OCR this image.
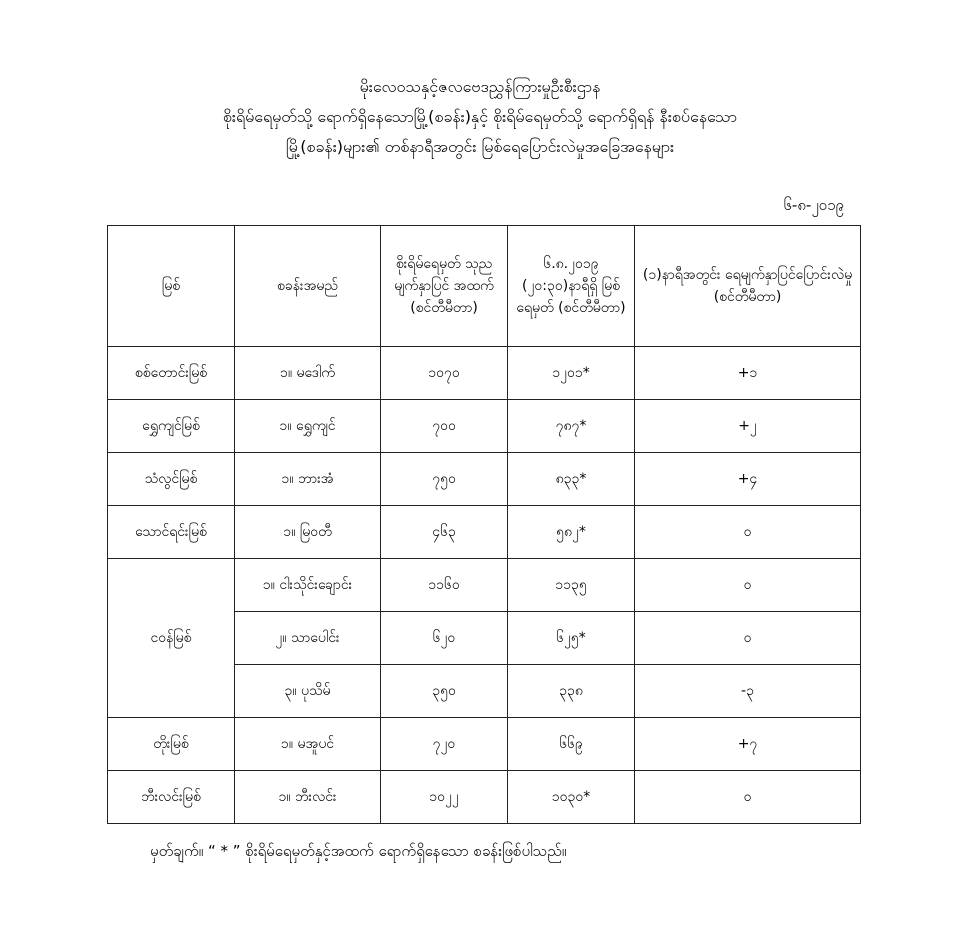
မိုးလေဝသနှင့်ဇလဗေဒညွှန်ကြားမှုဦးစီးဌာန
စိုးရိမ်ရေမှတ်သို့ ရောက်ရှိနေသောမြို့(စခန်း)နှင့် စိုးရိမ်ရေမှတ်သို့ ရောက်ရှိရန် နီးစပ်နေသော
မြို့(စခန်း)များ၏ တစ်နာရီအတွင်း မြစ်ရေပြောင်းလဲမှုအခြေအနေများ
၆-၈-၂၀၁၉
မြစ်	စခန်းအမည်	စိုးရိမ်ရေမှတ် သုညမျက်နှာပြင် အထက် (စင်တီမီတာ)	၆.၈.၂၀၁၉ (၂၀:၃၀)နာရီရှိ မြစ်ရေမှတ် (စင်တီမီတာ)	(၁)နာရီအတွင်း ရေမျက်နှာပြင်ပြောင်းလဲမှု (စင်တီမီတာ)
စစ်တောင်းမြစ်	၁။ မဒေါက်	၁၀၇၀	၁၂၀၁*	+၁
ရွှေကျင်မြစ်	၁။ ရွှေကျင်	၇၀၀	၇၈၇*	+၂
သံလွင်မြစ်	၁။ ဘားအံ	၇၅၀	၈၃၃*	+၄
သောင်ရင်းမြစ်	၁။ မြဝတီ	၄၆၃	၅၈၂*	၀
ငဝန်မြစ်	၁။ ငါးသိုင်းချောင်း	၁၁၆၀	၁၁၃၅	၀
	၂။ သာပေါင်း	၆၂၀	၆၂၅*	၀
	၃။ ပုသိမ်	၃၅၀	၃၃၈	-၃
တိုးမြစ်	၁။ မအူပင်	၇၂၀	၆၆၉	+၇
ဘီးလင်းမြစ်	၁။ ဘီးလင်း	၁၀၂၂	၁၀၃၀*	၀
မှတ်ချက်။ “ * ” စိုးရိမ်ရေမှတ်နှင့်အထက် ရောက်ရှိနေသော စခန်းဖြစ်ပါသည်။
